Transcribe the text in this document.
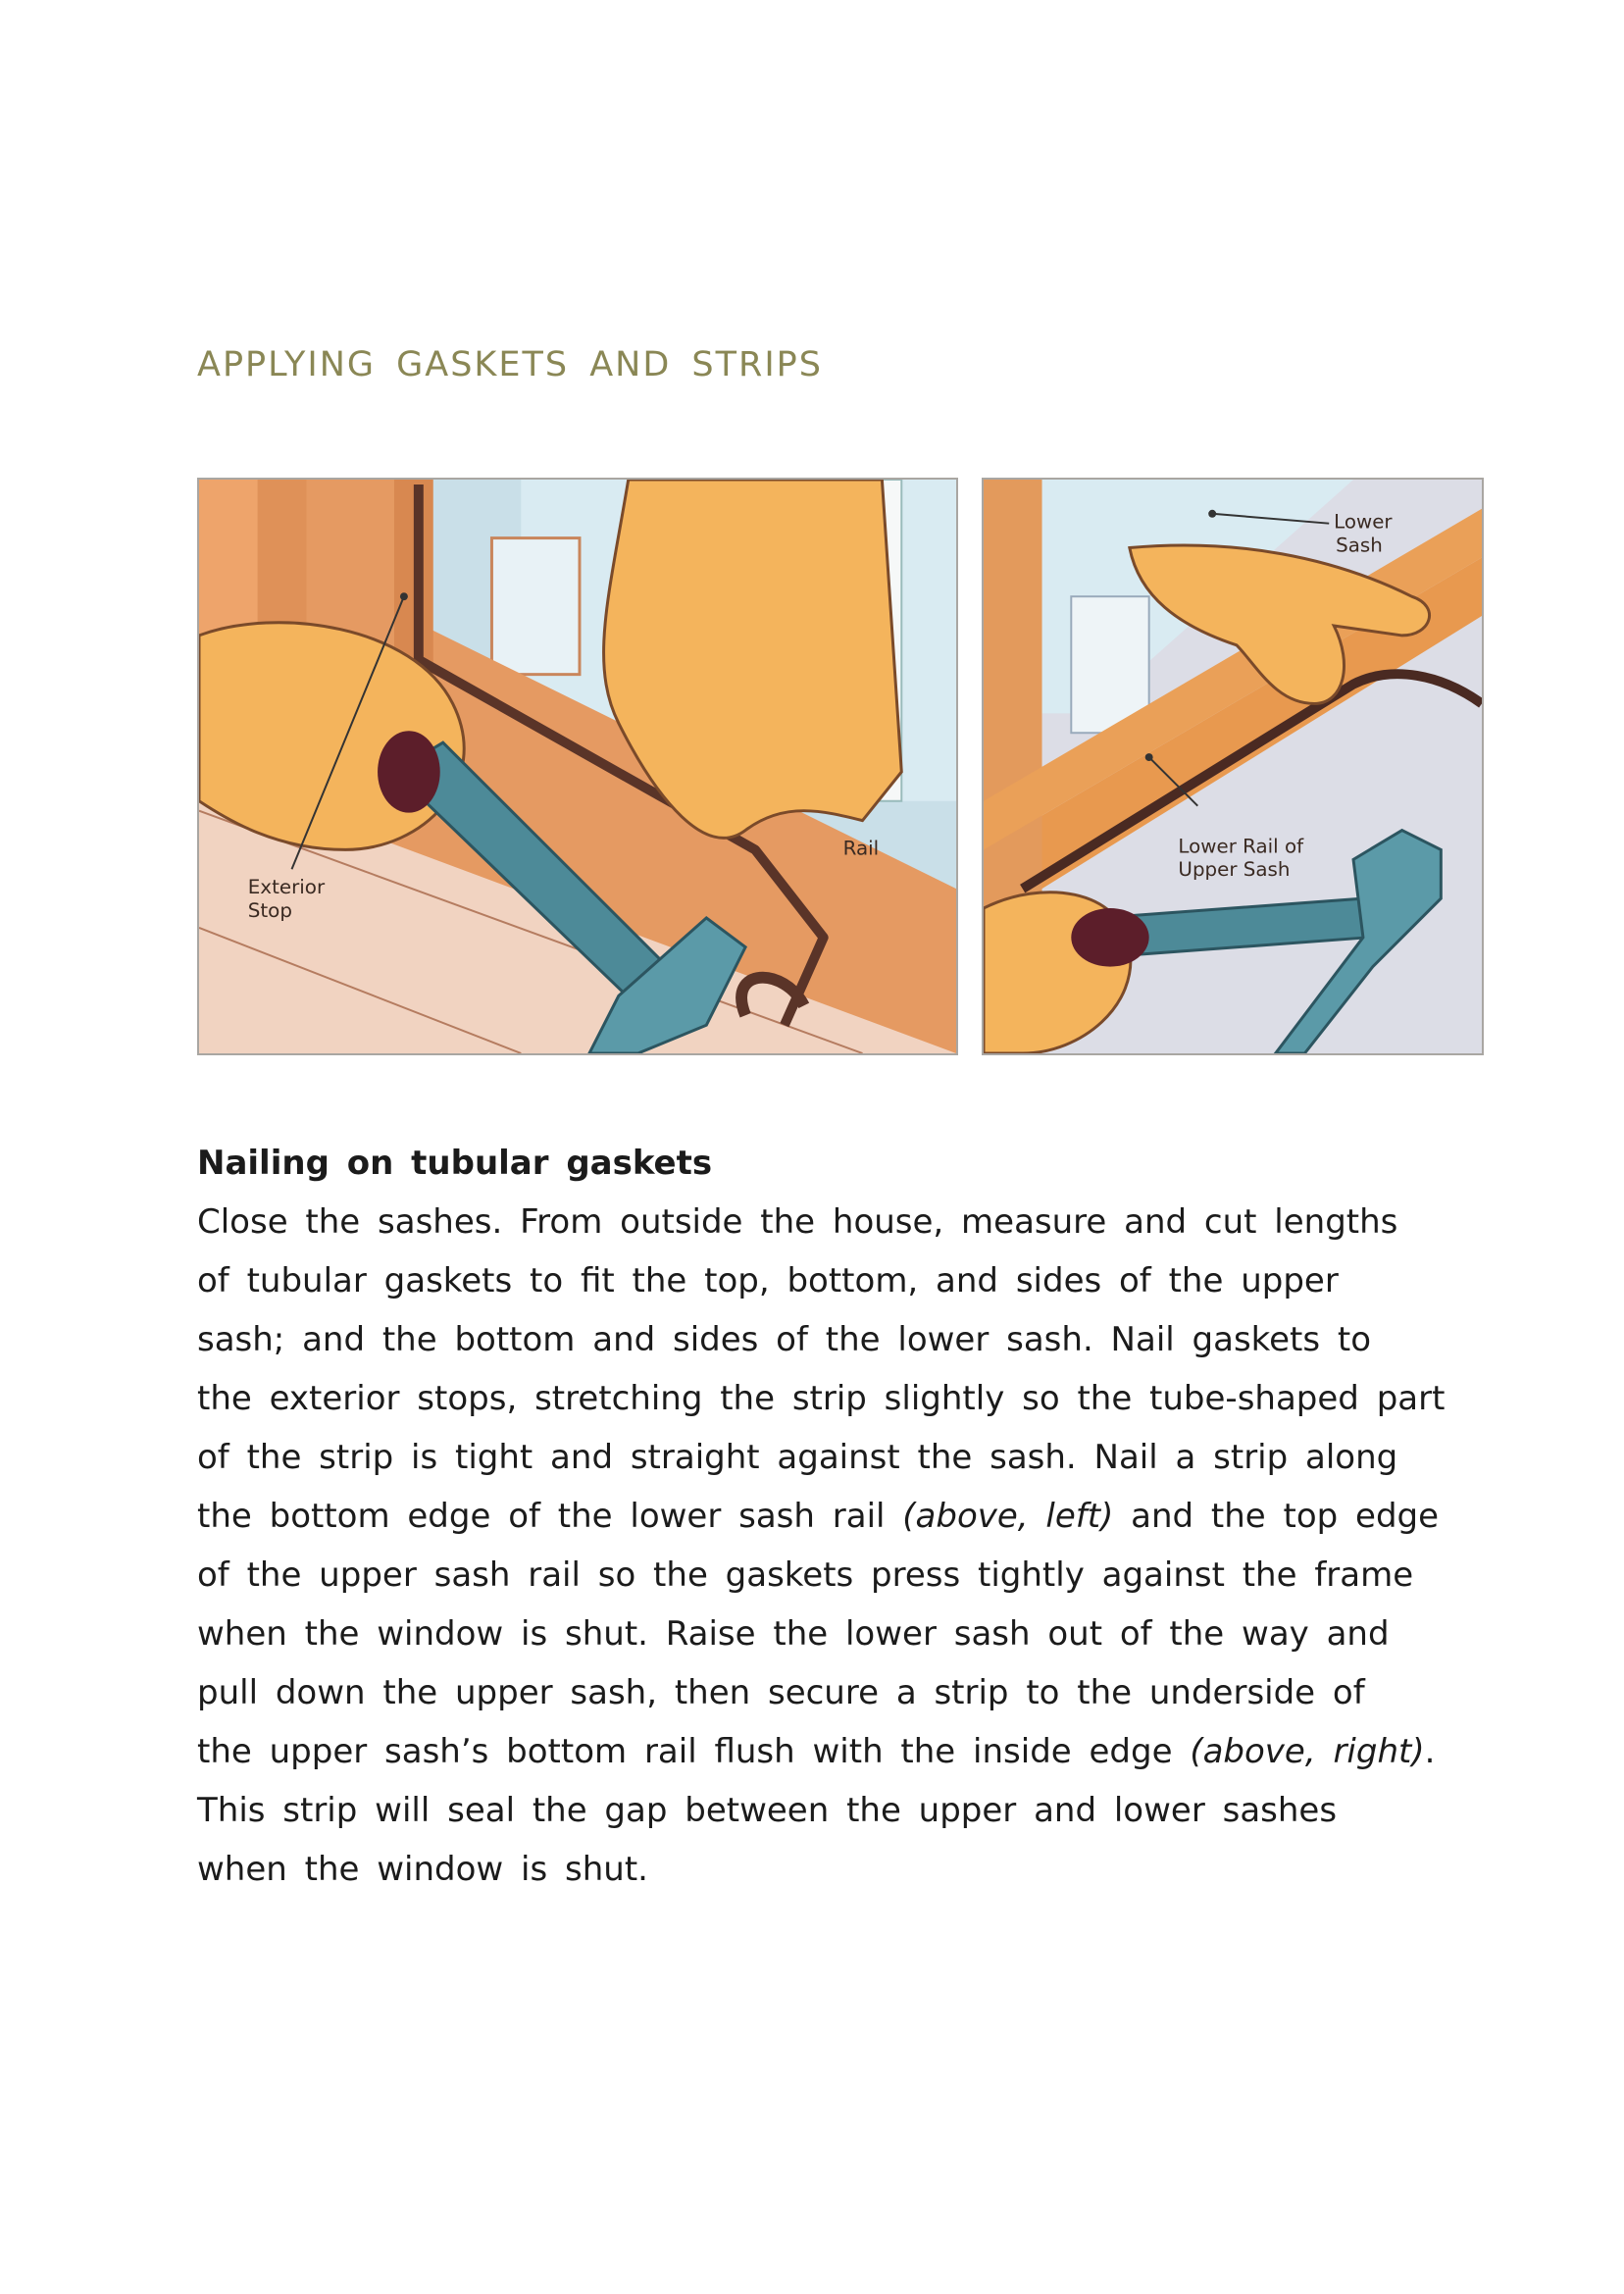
APPLYING GASKETS AND STRIPS
Rail
Exterior
Stop
Lower
Sash
Lower Rail of
Upper Sash
Nailing on tubular gaskets

Close the sashes. From outside the house, measure and cut lengths
of tubular gaskets to fit the top, bottom, and sides of the upper
sash; and the bottom and sides of the lower sash. Nail gaskets to
the exterior stops, stretching the strip slightly so the tube-shaped part
of the strip is tight and straight against the sash. Nail a strip along
the bottom edge of the lower sash rail (above, left) and the top edge
of the upper sash rail so the gaskets press tightly against the frame
when the window is shut. Raise the lower sash out of the way and
pull down the upper sash, then secure a strip to the underside of
the upper sash’s bottom rail flush with the inside edge (above, right).
This strip will seal the gap between the upper and lower sashes
when the window is shut.
